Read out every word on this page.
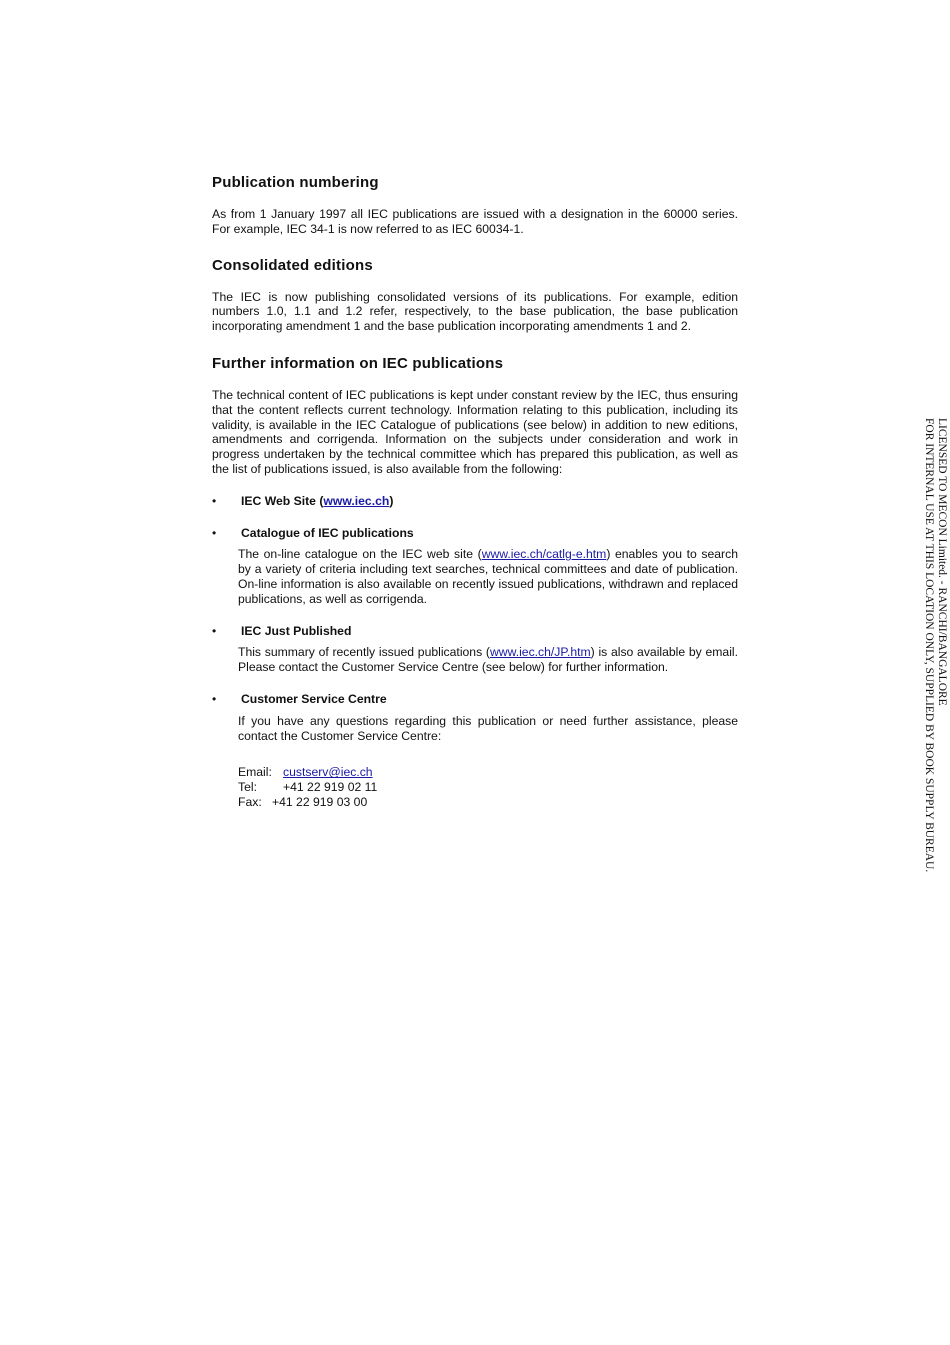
Publication numbering

As from 1 January 1997 all IEC publications are issued with a designation in the 60000 series. For example, IEC 34-1 is now referred to as IEC 60034-1.

Consolidated editions

The IEC is now publishing consolidated versions of its publications. For example, edition numbers 1.0, 1.1 and 1.2 refer, respectively, to the base publication, the base publication incorporating amendment 1 and the base publication incorporating amendments 1 and 2.

Further information on IEC publications

The technical content of IEC publications is kept under constant review by the IEC, thus ensuring that the content reflects current technology. Information relating to this publication, including its validity, is available in the IEC Catalogue of publications (see below) in addition to new editions, amendments and corrigenda. Information on the subjects under consideration and work in progress undertaken by the technical committee which has prepared this publication, as well as the list of publications issued, is also available from the following:

• IEC Web Site (www.iec.ch)
• Catalogue of IEC publications

The on-line catalogue on the IEC web site (www.iec.ch/catlg-e.htm) enables you to search by a variety of criteria including text searches, technical committees and date of publication. On-line information is also available on recently issued publications, withdrawn and replaced publications, as well as corrigenda.

• IEC Just Published

This summary of recently issued publications (www.iec.ch/JP.htm) is also available by email. Please contact the Customer Service Centre (see below) for further information.

• Customer Service Centre

If you have any questions regarding this publication or need further assistance, please contact the Customer Service Centre:

Email: custserv@iec.ch
Tel:	+41 22 919 02 11
Fax: +41 22 919 03 00
LICENSED TO MECON Limited. - RANCHI/BANGALORE
FOR INTERNAL USE AT THIS LOCATION ONLY, SUPPLIED BY BOOK SUPPLY BUREAU.
